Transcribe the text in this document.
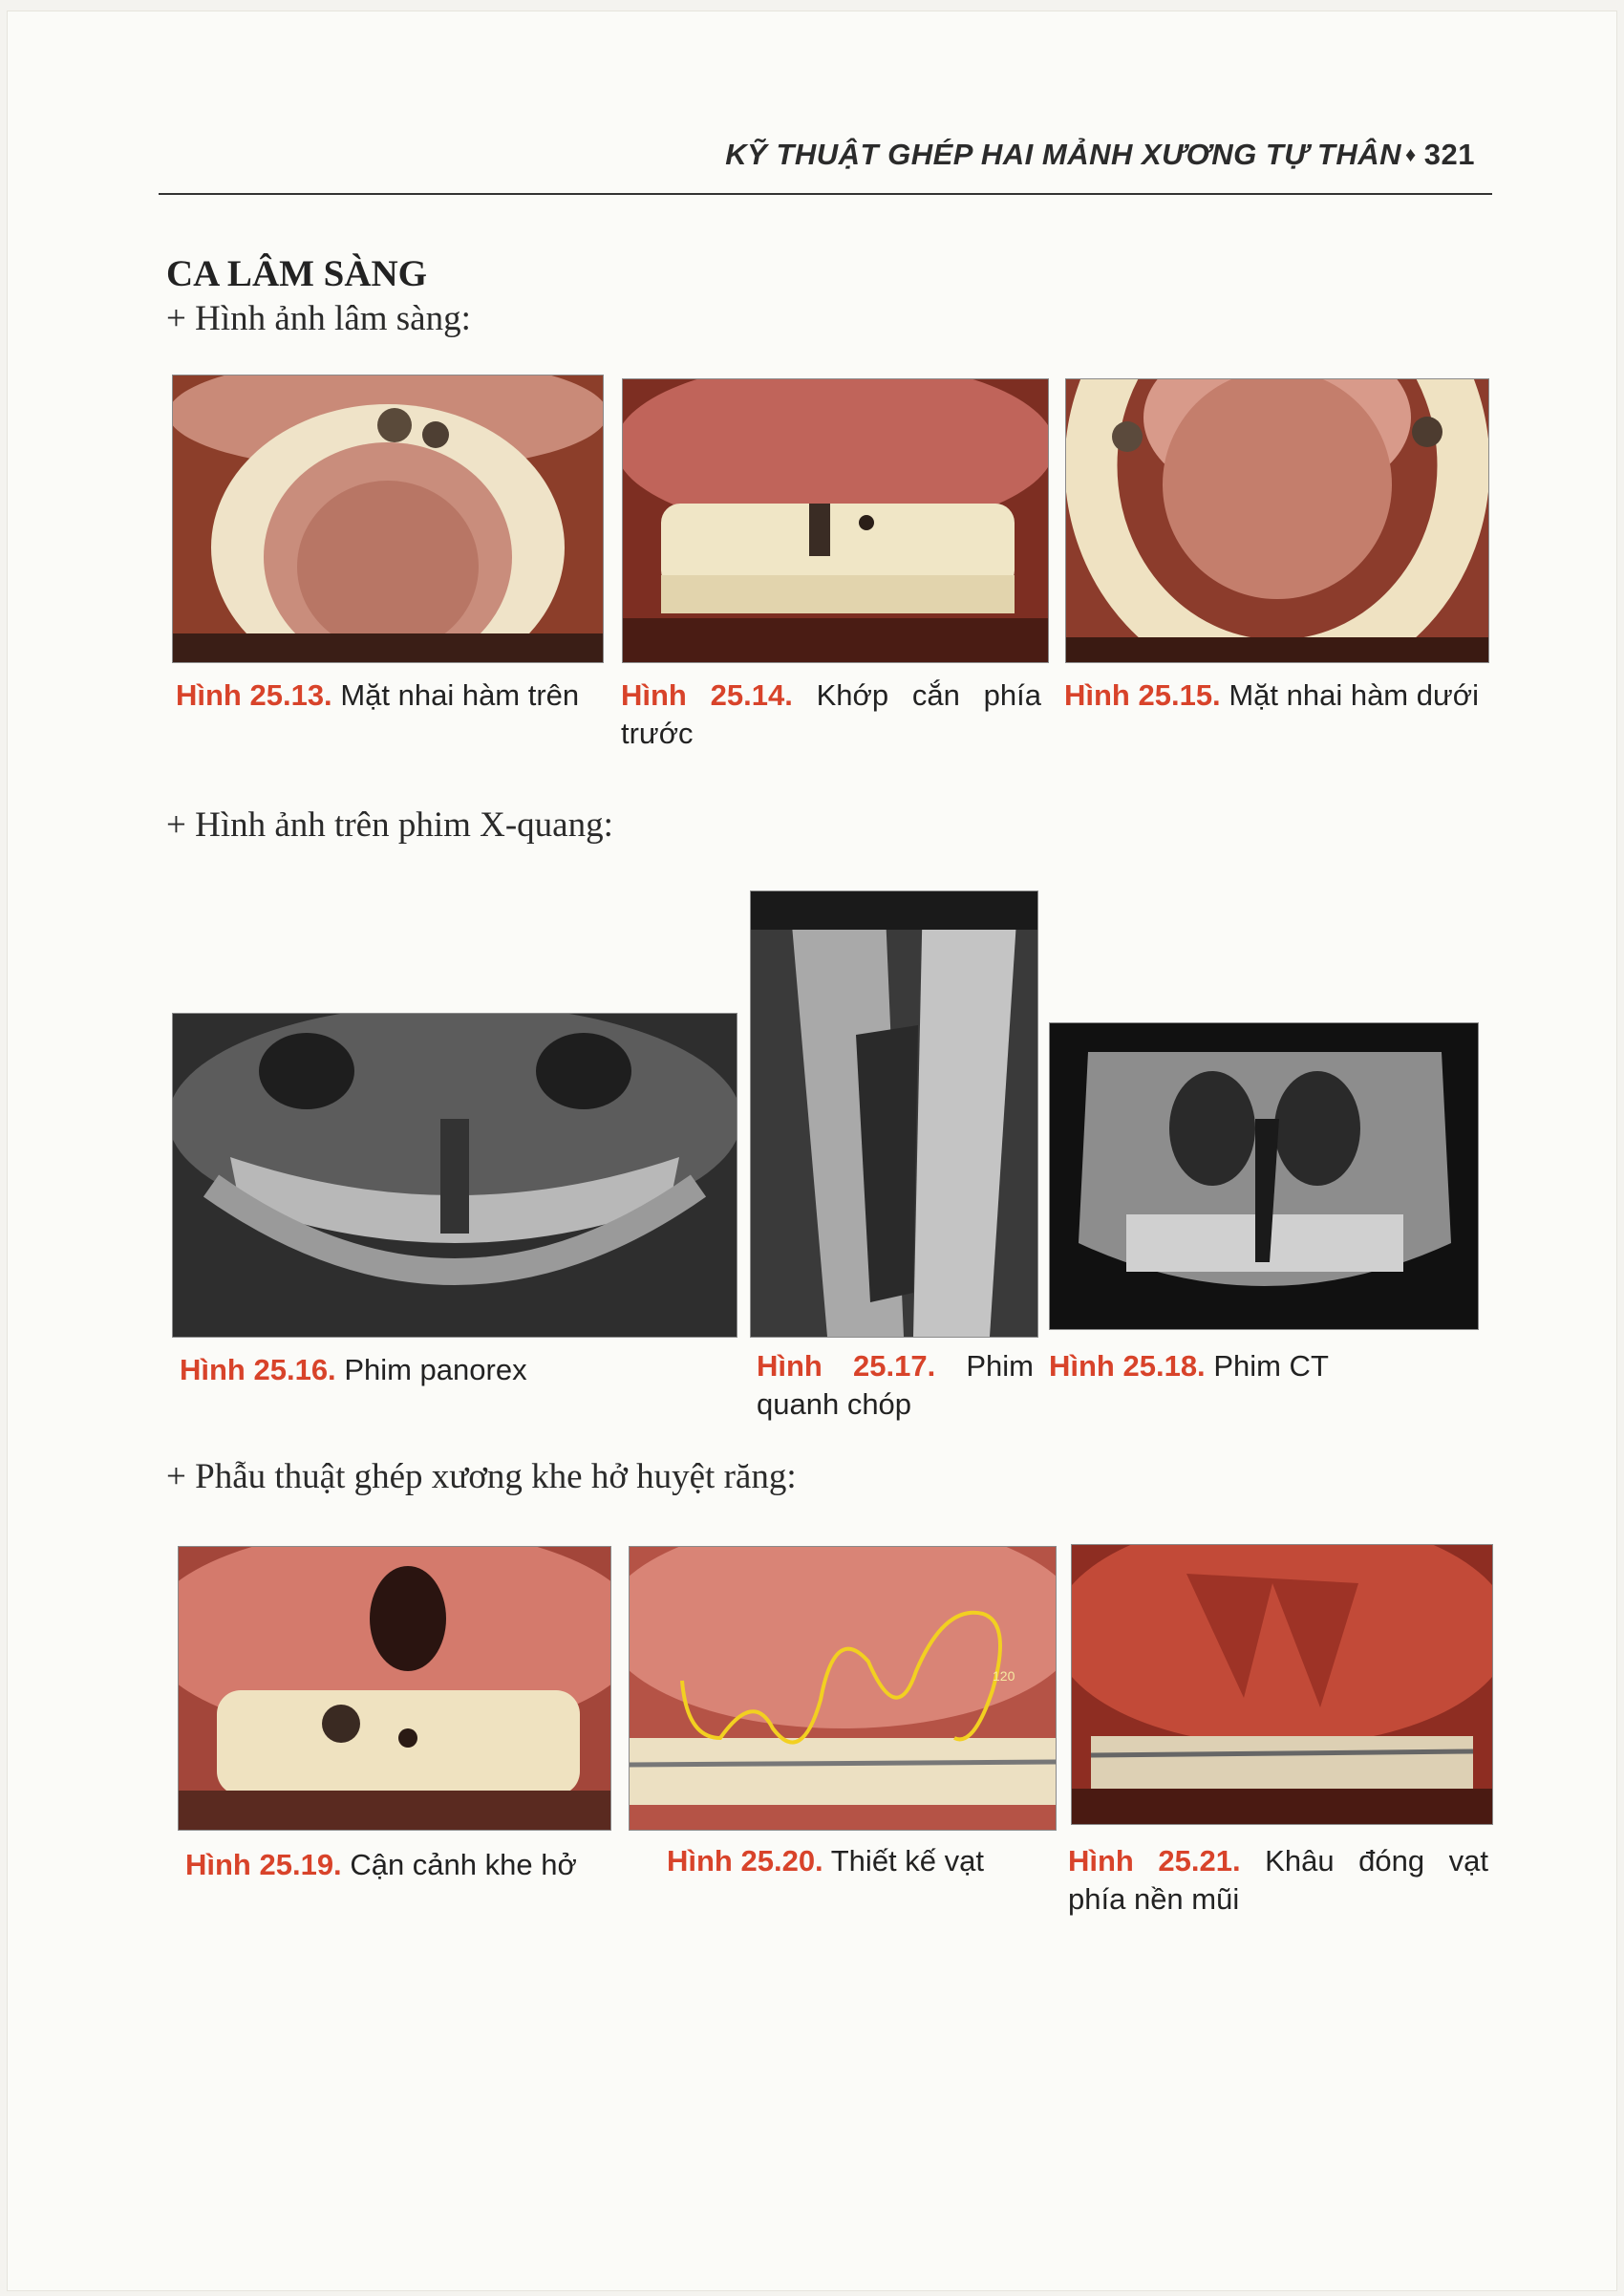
KỸ THUẬT GHÉP HAI MẢNH XƯƠNG TỰ THÂN ♦ 321
CA LÂM SÀNG
+ Hình ảnh lâm sàng:
Hình 25.13. Mặt nhai hàm trên	Hình 25.14. Khớp cắn phía trước
Hình 25.15. Mặt nhai hàm dưới
+ Hình ảnh trên phim X-quang:
Hình 25.16. Phim panorex	Hình 25.17. Phim quanh chóp
Hình 25.18. Phim CT
+ Phẫu thuật ghép xương khe hở huyệt răng:
120
Hình 25.19. Cận cảnh khe hở	Hình 25.20. Thiết kế vạt	Hình 25.21. Khâu đóng vạt phía nền mũi
